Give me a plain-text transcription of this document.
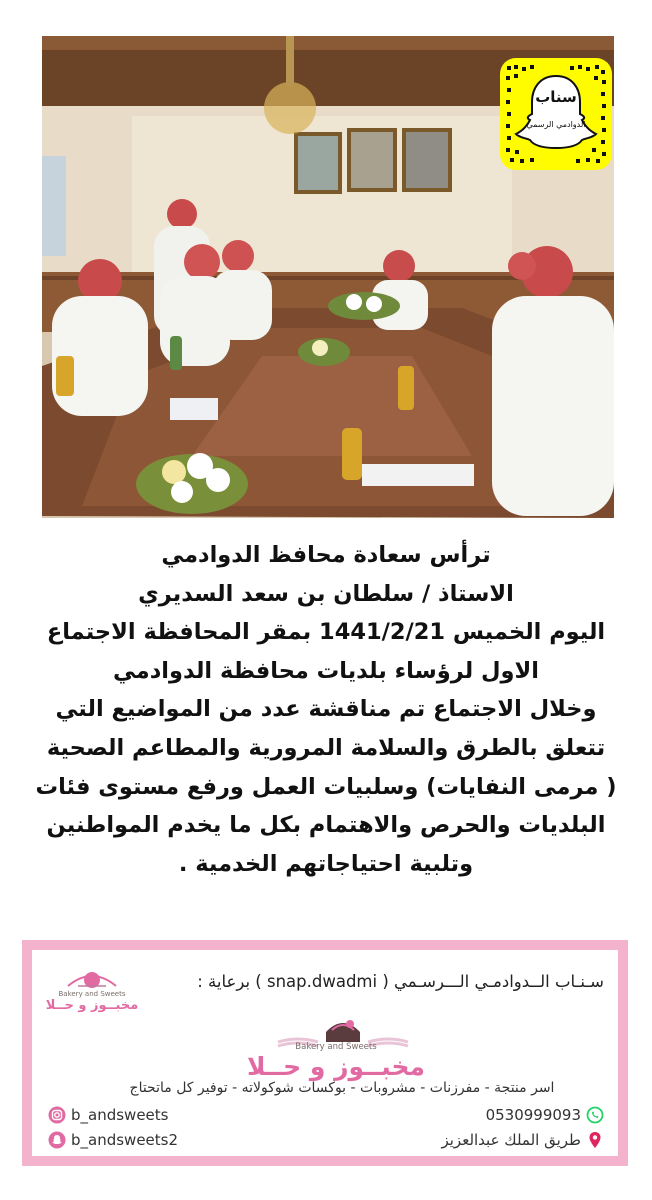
سناب
الدوادمي الرسمي
ترأس سعادة محافظ الدوادمي
الاستاذ / سلطان بن سعد السديري
اليوم الخميس 1441/2/21 بمقر المحافظة الاجتماع
الاول لرؤساء بلديات محافظة الدوادمي
وخلال الاجتماع تم مناقشة عدد من المواضيع التي
تتعلق بالطرق والسلامة المرورية والمطاعم الصحية
( مرمى النفايات) وسلبيات العمل ورفع مستوى فئات
البلديات والحرص والاهتمام بكل ما يخدم المواطنين
وتلبية احتياجاتهم الخدمية .
Bakery and Sweets
مخبــوز و حــلا
سـنـاب الــدوادمـي الـــرسـمي ( snap.dwadmi ) برعاية :
Bakery and Sweets
مخبــوز و حــلا
اسر منتجة - مفرزنات - مشروبات - بوكسات شوكولاته - توفير كل ماتحتاج
0530999093
طريق الملك عبدالعزيز
b_andsweets
b_andsweets2
